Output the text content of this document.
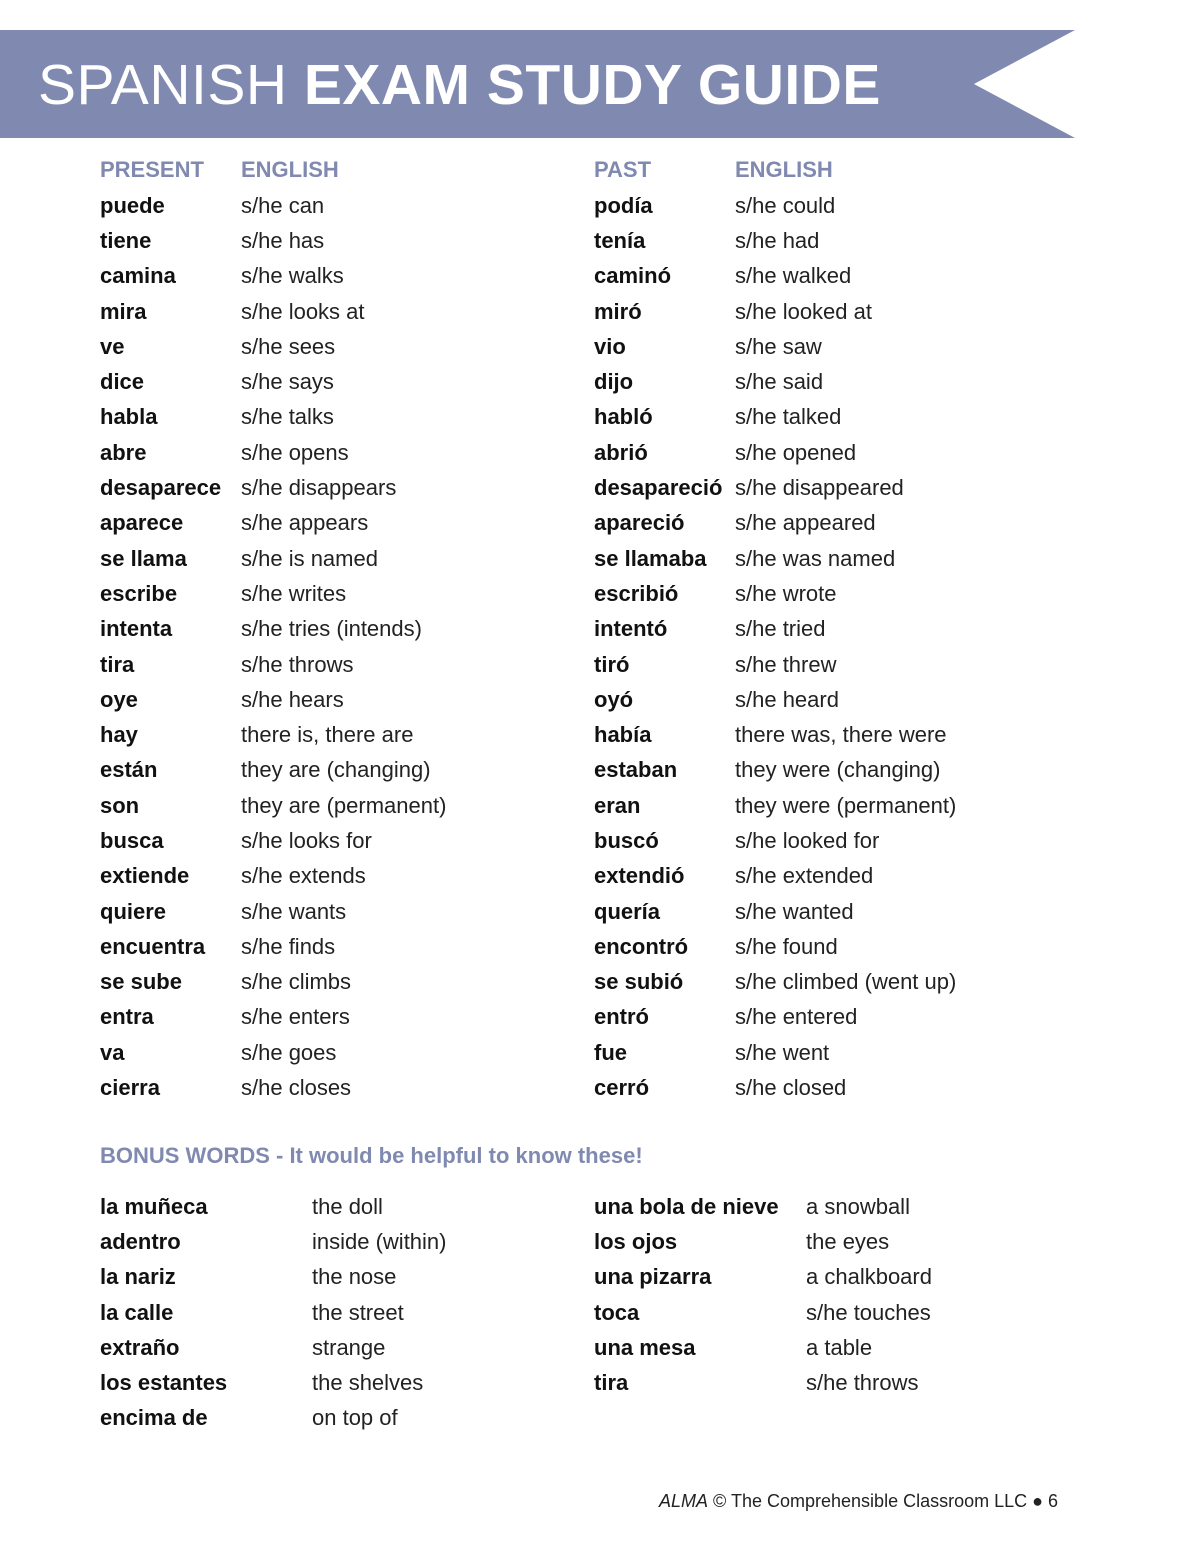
SPANISH EXAM STUDY GUIDE
PRESENT	ENGLISH
puede	s/he can
tiene	s/he has
camina	s/he walks
mira	s/he looks at
ve	s/he sees
dice	s/he says
habla	s/he talks
abre	s/he opens
desaparece	s/he disappears
aparece	s/he appears
se llama	s/he is named
escribe	s/he writes
intenta	s/he tries (intends)
tira	s/he throws
oye	s/he hears
hay	there is, there are
están	they are (changing)
son	they are (permanent)
busca	s/he looks for
extiende	s/he extends
quiere	s/he wants
encuentra	s/he finds
se sube	s/he climbs
entra	s/he enters
va	s/he goes
cierra	s/he closes
PAST	ENGLISH
podía	s/he could
tenía	s/he had
caminó	s/he walked
miró	s/he looked at
vio	s/he saw
dijo	s/he said
habló	s/he talked
abrió	s/he opened
desapareció	s/he disappeared
apareció	s/he appeared
se llamaba	s/he was named
escribió	s/he wrote
intentó	s/he tried
tiró	s/he threw
oyó	s/he heard
había	there was, there were
estaban	they were (changing)
eran	they were (permanent)
buscó	s/he looked for
extendió	s/he extended
quería	s/he wanted
encontró	s/he found
se subió	s/he climbed (went up)
entró	s/he entered
fue	s/he went
cerró	s/he closed
BONUS WORDS - It would be helpful to know these!
la muñeca	the doll
adentro	inside (within)
la nariz	the nose
la calle	the street
extraño	strange
los estantes	the shelves
encima de	on top of
una bola de nieve	a snowball
los ojos	the eyes
una pizarra	a chalkboard
toca	s/he touches
una mesa	a table
tira	s/he throws
ALMA © The Comprehensible Classroom LLC ● 6
